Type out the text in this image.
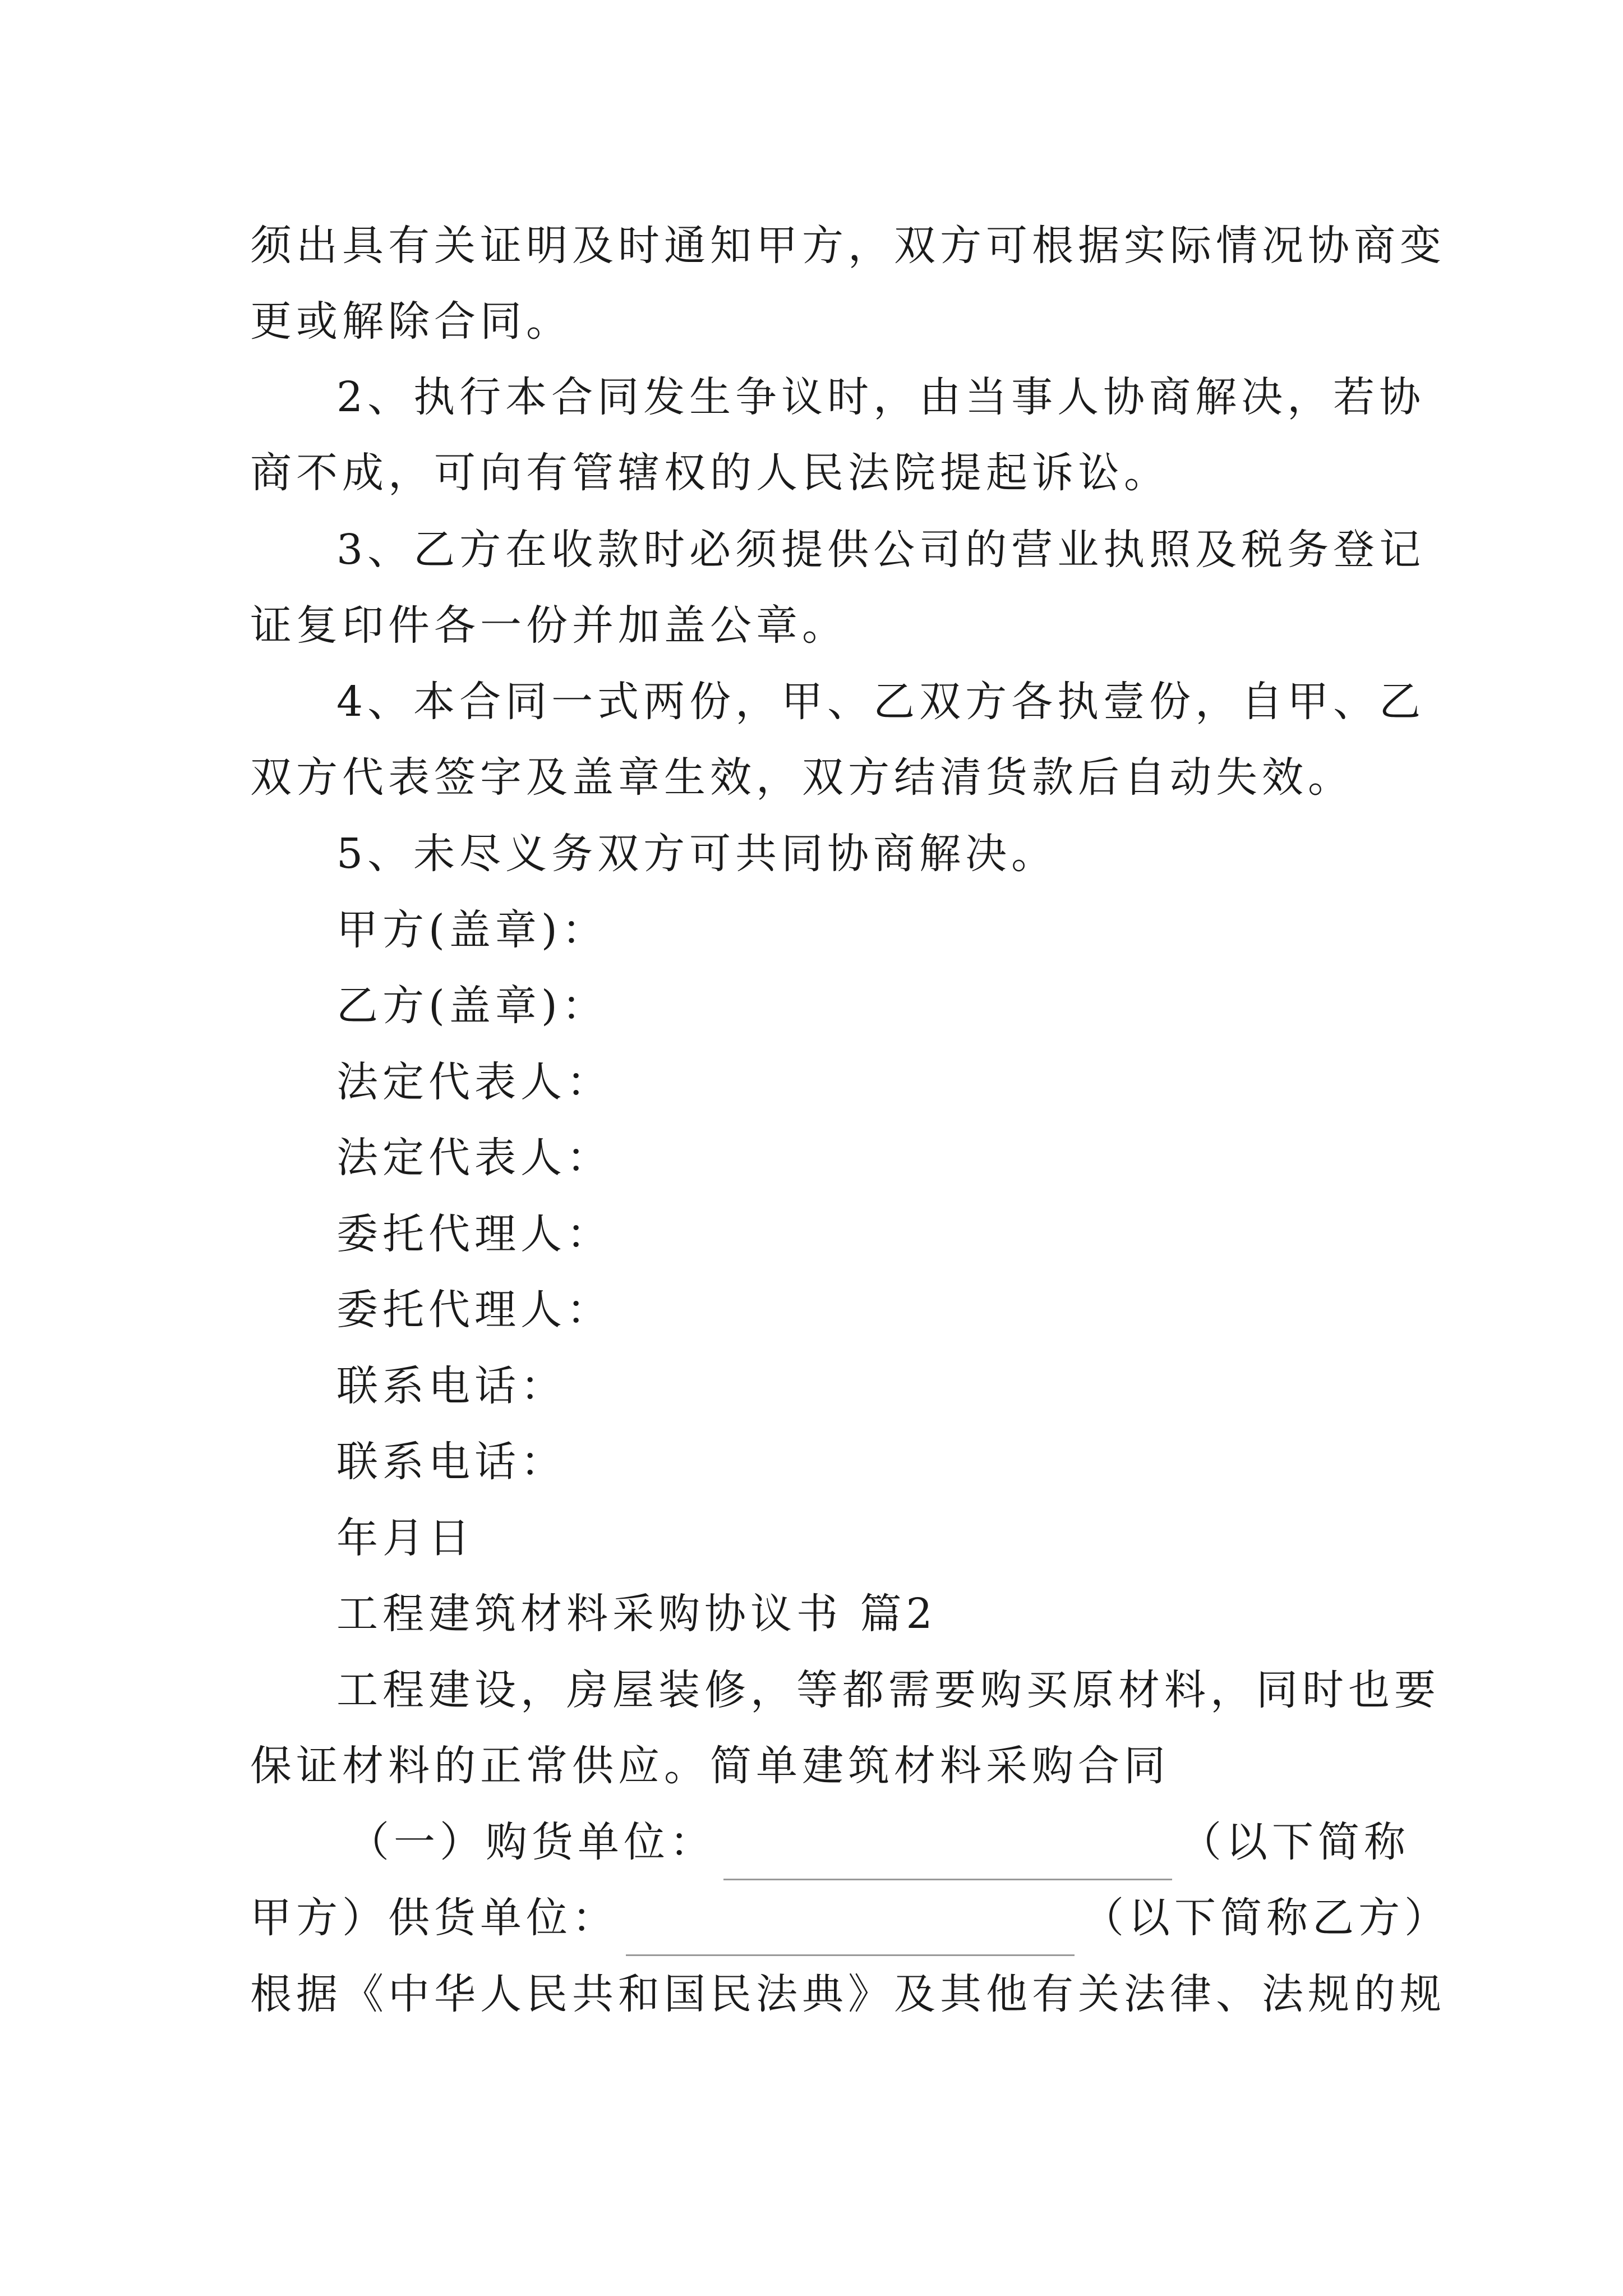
须出具有关证明及时通知甲方，双方可根据实际情况协商变
更或解除合同。
2、执行本合同发生争议时，由当事人协商解决，若协
商不成，可向有管辖权的人民法院提起诉讼。
3、乙方在收款时必须提供公司的营业执照及税务登记
证复印件各一份并加盖公章。
4、本合同一式两份，甲、乙双方各执壹份，自甲、乙
双方代表签字及盖章生效，双方结清货款后自动失效。
5、未尽义务双方可共同协商解决。
甲方(盖章)：
乙方(盖章)：
法定代表人：
法定代表人：
委托代理人：
委托代理人：
联系电话：
联系电话：
年月日
工程建筑材料采购协议书 篇2
工程建设，房屋装修，等都需要购买原材料，同时也要
保证材料的正常供应。简单建筑材料采购合同
（一）购货单位：	（以下简称
甲方）供货单位：	（以下简称乙方）
根据《中华人民共和国民法典》及其他有关法律、法规的规
